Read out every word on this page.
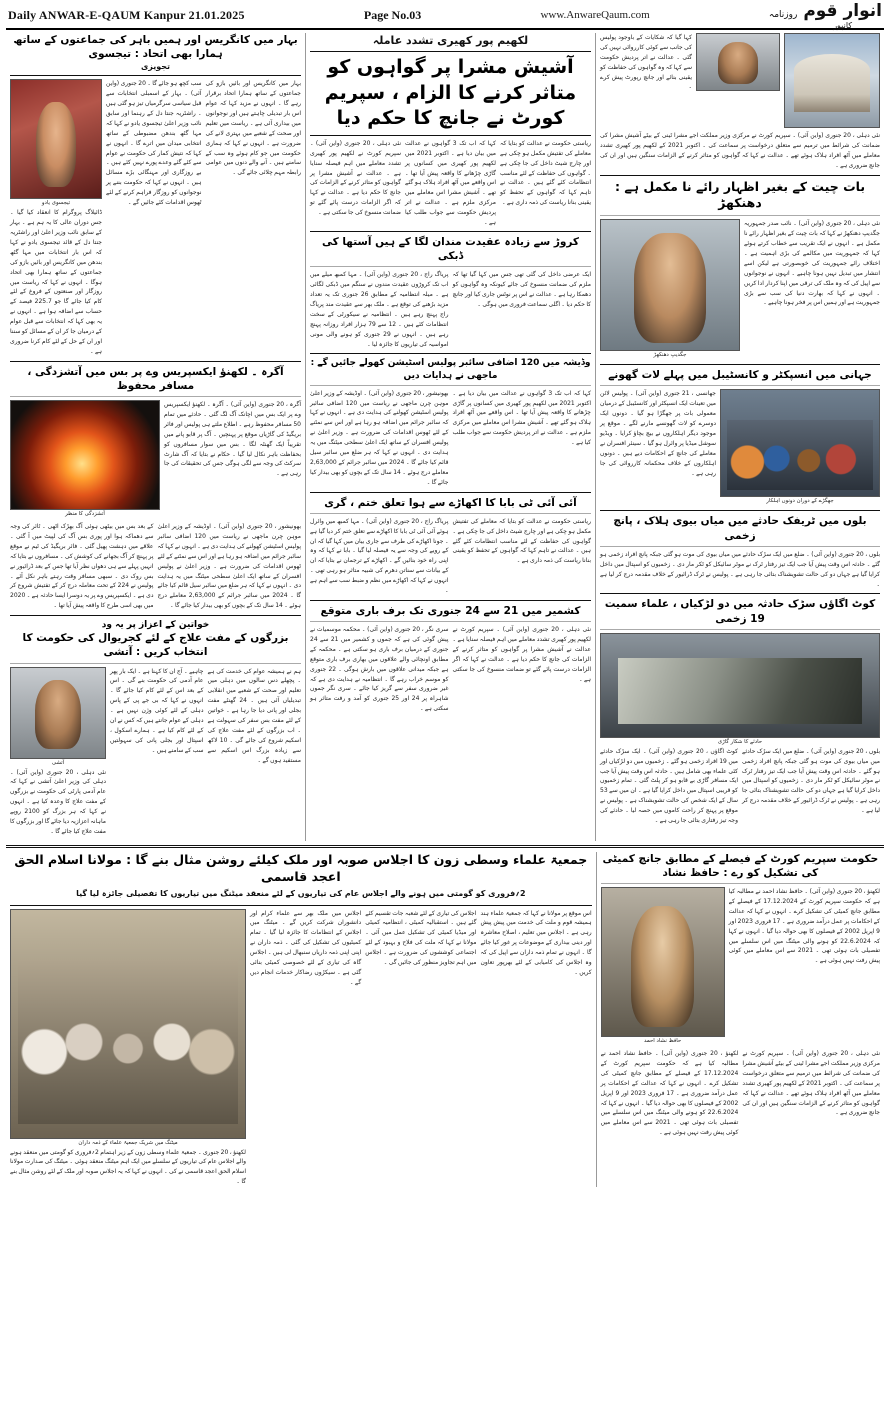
Daily ANWAR-E-QAUM Kanpur 21.01.2025	Page No.03	www.AnwareQaum.com	روزنامہ انوار قوم
کانپور
بہار میں کانگریس اور ہمیں باہر کی جماعتوں کے ساتھ ہمارا بھی اتحاد : تیجسوی
تجویزی
تیجسوی یادو
ڈائیلاگ پروگرام کا انعقاد کیا گیا ۔ جس دوران عالی کا یہ ہم ہے ۔ بہار کے سابق نائب وزیر اعلیٰ اور راشٹریہ جنتا دل کے قائد تیجسوی یادو نے کہا کہ اس بار انتخابات میں مہا گٹھ بندھن میں کانگریس اور بائیں بازو کی جماعتوں کے ساتھ ہمارا بھی اتحاد ہوگا ۔ انہوں نے کہا کہ ریاست میں روزگار اور صنعتوں کے فروغ کے لئے کام کیا جائے گا جو 225.7 فیصد کے حساب سے اضافہ ہوا ہے ۔ انہوں نے یہ بھی کہا کہ انتخابات سے قبل عوام کے درمیان جا کر ان کے مسائل کو سننا اور ان کے حل کے لئے کام کرنا ضروری ہے ۔
سب کچھ ہو جائے گا ۔ 20 جنوری (واین آئی) ۔ بہار کے اسمبلی انتخابات سے قبل سیاسی سرگرمیاں تیز ہو گئی ہیں ۔ راشٹریہ جنتا دل کے رہنما اور سابق نائب وزیر اعلیٰ تیجسوی یادو نے کہا کہ مہا گٹھ بندھن مضبوطی کے ساتھ انتخابی میدان میں اترے گا ۔ انہوں نے کہا کہ نتیش کمار کی حکومت نے عوام سے کئے گئے وعدے پورے نہیں کئے ہیں ۔ بے روزگاری اور مہنگائی بڑے مسائل ہیں ۔ انہوں نے کہا کہ حکومت بننے پر نوجوانوں کو روزگار فراہم کرنے کے لئے ٹھوس اقدامات کئے جائیں گے ۔
بہار میں کانگریس اور بائیں بازو کی جماعتوں کے ساتھ ہمارا اتحاد برقرار رہے گا ۔ انہوں نے مزید کہا کہ عوام اس بار تبدیلی چاہتے ہیں اور نوجوانوں میں بیداری آئی ہے ۔ ریاست میں تعلیم اور صحت کے شعبے میں بہتری لانے کی ضرورت ہے ۔ انہوں نے کہا کہ ہماری حکومت میں جو کام ہوئے وہ سب کے سامنے ہیں ۔ آنے والے دنوں میں عوامی رابطہ مہم چلائی جائے گی ۔
آگرہ ۔ لکھنؤ ایکسپریس وے پر بس میں آتشزدگی ، مسافر محفوظ
آتشزدگی کا منظر
آگرہ ، 20 جنوری (واین آئی) ۔ آگرہ ۔ لکھنؤ ایکسپریس وے پر ایک بس میں اچانک آگ لگ گئی ۔ حادثے میں تمام 50 مسافر محفوظ رہے ۔ اطلاع ملتے ہی پولیس اور فائر بریگیڈ کی گاڑیاں موقع پر پہنچیں ۔ آگ پر قابو پانے میں تقریباً ایک گھنٹہ لگا ۔ بس میں سوار مسافروں کو بحفاظت باہر نکال لیا گیا ۔ حکام نے بتایا کہ آگ شارٹ سرکٹ کی وجہ سے لگی ہوگی جس کی تحقیقات کی جا رہی ہے ۔
کے بعد بس میں بیٹھی ہوئی آگ بھڑک اٹھی ۔ ٹائر کی وجہ سے دھماکہ ہوا اور پوری بس آگ کی لپیٹ میں آ گئی ۔ علاقے میں دہشت پھیل گئی ۔ فائر بریگیڈ کی ٹیم نے موقع پر پہنچ کر آگ بجھانے کی کوشش کی ۔ مسافروں نے بتایا کہ انہیں پہلے سے ہی دھواں نظر آیا تھا جس کے بعد ڈرائیور نے بس روک دی ۔ سبھی مسافر وقت رہتے باہر نکل آئے ۔ پولیس نے 224 کے تحت معاملہ درج کر کے تفتیش شروع کر دی ہے ۔ ایکسپریس وے پر یہ دوسرا ایسا حادثہ ہے ۔ 2020 میں بھی اسی طرح کا واقعہ پیش آیا تھا ۔
بھونیشور ، 20 جنوری (واین آئی) ۔ اوڈیشہ کے وزیر اعلیٰ موہن چرن ماجھی نے ریاست میں 120 اضافی سائبر پولیس اسٹیشن کھولنے کی ہدایت دی ہے ۔ انہوں نے کہا کہ سائبر جرائم میں اضافہ ہو رہا ہے اور اس سے نمٹنے کے لئے ٹھوس اقدامات کی ضرورت ہے ۔ وزیر اعلیٰ نے پولیس افسران کے ساتھ ایک اعلیٰ سطحی میٹنگ میں یہ ہدایت دی ۔ انہوں نے کہا کہ ہر ضلع میں سائبر سیل قائم کیا جائے گا ۔ 2024 میں سائبر جرائم کے 2,63,000 معاملے درج ہوئے ۔ 14 سال تک کے بچوں کو بھی بیدار کیا جائے گا ۔
خواتین کے اعزاز پر یہ ود
بزرگوں کے مفت علاج کے لئے کجریوال کی حکومت کا انتخاب کریں : آتشی
آتشی
نئی دہلی ، 20 جنوری (واین آئی) ۔ دہلی کی وزیر اعلیٰ آتشی نے کہا کہ عام آدمی پارٹی کی حکومت نے بزرگوں کے مفت علاج کا وعدہ کیا ہے ۔ انہوں نے کہا کہ ہر بزرگ کو 2100 روپے ماہانہ اعزازیہ دیا جائے گا اور بزرگوں کا مفت علاج کیا جائے گا ۔
چاہیے ۔ آج ان کا کہنا ہے ۔ ایک بار پھر عام آدمی کی حکومت بنے گی ۔ اس کے بعد اس کے لئے کام کیا جائے گا ۔ انہوں نے کہا کہ بی جے پی کے پاس دہلی کے لئے کوئی وژن نہیں ہے ۔ دہلی کے عوام جانتے ہیں کہ کس نے ان کے لئے کام کیا ہے ۔ ہمارے اسکول ، اسپتال اور بجلی پانی کی سہولتیں سب کے سامنے ہیں ۔
ہم نے ہمیشہ عوام کی خدمت کی ہے ۔ پچھلے دس سالوں میں دہلی میں تعلیم اور صحت کے شعبے میں انقلابی تبدیلیاں آئی ہیں ۔ 24 گھنٹے مفت بجلی اور پانی دیا جا رہا ہے ۔ خواتین کے لئے مفت بس سفر کی سہولت ہے ۔ اب بزرگوں کے لئے مفت علاج کی اسکیم شروع کی جائے گی ۔ 10 لاکھ سے زیادہ بزرگ اس اسکیم سے مستفید ہوں گے ۔
لکھیم پور کھیری تشدد عاملہ
آشیش مشرا پر گواہوں کو متاثر کرنے کا الزام ، سپریم کورٹ نے جانچ کا حکم دیا
نئی دہلی ، 20 جنوری (واین آئی) ۔ سپریم کورٹ نے لکھیم پور کھیری تشدد معاملے میں اہم فیصلہ سنایا ہے ۔ عدالت نے آشیش مشرا پر گواہوں کو متاثر کرنے کے الزامات کی جانچ کا حکم دیا ہے ۔ عدالت نے کہا کہ اگر الزامات درست پائے گئے تو ضمانت منسوخ کی جا سکتی ہے ۔
کہا کہ اب تک 3 گواہوں نے عدالت میں بیان دیا ہے ۔ اکتوبر 2021 میں لکھیم پور کھیری میں کسانوں پر گاڑی چڑھانے کا واقعہ پیش آیا تھا ۔ اس واقعے میں آٹھ افراد ہلاک ہو گئے تھے ۔ آشیش مشرا اس معاملے میں مرکزی ملزم ہے ۔ عدالت نے اتر پردیش حکومت سے جواب طلب کیا ہے ۔
ریاستی حکومت نے عدالت کو بتایا کہ معاملے کی تفتیش مکمل ہو چکی ہے اور چارج شیٹ داخل کی جا چکی ہے ۔ گواہوں کی حفاظت کے لئے مناسب انتظامات کئے گئے ہیں ۔ عدالت نے تاہم کہا کہ گواہوں کے تحفظ کو یقینی بنانا ریاست کی ذمہ داری ہے ۔
کروڑ سے زیادہ عقیدت مندان لگا کے ہیں آستھا کی ڈبکی
پریاگ راج ، 20 جنوری (واین آئی) ۔ مہا کمبھ میلے میں اب تک کروڑوں عقیدت مندوں نے سنگم میں ڈبکی لگائی ہے ۔ میلہ انتظامیہ کے مطابق 26 جنوری تک یہ تعداد مزید بڑھنے کی توقع ہے ۔ ملک بھر سے عقیدت مند پریاگ راج پہنچ رہے ہیں ۔ انتظامیہ نے سیکورٹی کے سخت انتظامات کئے ہیں ۔ 12 سے 79 ہزار افراد روزانہ پہنچ رہے ہیں ۔ انہوں نے 29 جنوری کو ہونے والی مونی امواسیہ کی تیاریوں کا جائزہ لیا ۔
ایک عرضی داخل کی گئی تھی جس میں کہا گیا تھا کہ ملزم کی ضمانت منسوخ کی جائے کیونکہ وہ گواہوں کو دھمکا رہا ہے ۔ عدالت نے اس پر نوٹس جاری کیا اور جانچ کا حکم دیا ۔ اگلی سماعت فروری میں ہوگی ۔
وڈیشہ میں 120 اضافی سائبر پولیس اسٹیشن کھولے جائیں گے : ماجھی نے ہدایات دیں
بھونیشور ، 20 جنوری (واین آئی) ۔ اوڈیشہ کے وزیر اعلیٰ موہن چرن ماجھی نے ریاست میں 120 اضافی سائبر پولیس اسٹیشن کھولنے کی ہدایت دی ہے ۔ انہوں نے کہا کہ سائبر جرائم میں اضافہ ہو رہا ہے اور اس سے نمٹنے کے لئے ٹھوس اقدامات کی ضرورت ہے ۔ وزیر اعلیٰ نے پولیس افسران کے ساتھ ایک اعلیٰ سطحی میٹنگ میں یہ ہدایت دی ۔ انہوں نے کہا کہ ہر ضلع میں سائبر سیل قائم کیا جائے گا ۔ 2024 میں سائبر جرائم کے 2,63,000 معاملے درج ہوئے ۔ 14 سال تک کے بچوں کو بھی بیدار کیا جائے گا ۔
کہا کہ اب تک 3 گواہوں نے عدالت میں بیان دیا ہے ۔ اکتوبر 2021 میں لکھیم پور کھیری میں کسانوں پر گاڑی چڑھانے کا واقعہ پیش آیا تھا ۔ اس واقعے میں آٹھ افراد ہلاک ہو گئے تھے ۔ آشیش مشرا اس معاملے میں مرکزی ملزم ہے ۔ عدالت نے اتر پردیش حکومت سے جواب طلب کیا ہے ۔
آئی آئی ٹی بابا کا اکھاڑے سے ہوا تعلق ختم ، گری
پریاگ راج ، 20 جنوری (واین آئی) ۔ مہا کمبھ میں وائرل ہوئے آئی آئی ٹی بابا کا اکھاڑے سے تعلق ختم کر دیا گیا ہے ۔ جونا اکھاڑے کی طرف سے جاری بیان میں کہا گیا کہ ان کے رویے کی وجہ سے یہ فیصلہ لیا گیا ۔ بابا نے کہا کہ وہ اپنی راہ خود بنائیں گے ۔ اکھاڑے کے ترجمان نے بتایا کہ ان کے بیانات سے سناتن دھرم کی شبیہ متاثر ہو رہی تھی ۔ انہوں نے کہا کہ اکھاڑے میں نظم و ضبط سب سے اہم ہے ۔
ریاستی حکومت نے عدالت کو بتایا کہ معاملے کی تفتیش مکمل ہو چکی ہے اور چارج شیٹ داخل کی جا چکی ہے ۔ گواہوں کی حفاظت کے لئے مناسب انتظامات کئے گئے ہیں ۔ عدالت نے تاہم کہا کہ گواہوں کے تحفظ کو یقینی بنانا ریاست کی ذمہ داری ہے ۔
کشمیر میں 21 سے 24 جنوری تک برف باری متوقع
سری نگر ، 20 جنوری (واین آئی) ۔ محکمہ موسمیات نے پیش گوئی کی ہے کہ جموں و کشمیر میں 21 سے 24 جنوری کے درمیان برف باری ہو سکتی ہے ۔ محکمہ کے مطابق اونچائی والے علاقوں میں بھاری برف باری متوقع ہے جبکہ میدانی علاقوں میں بارش ہوگی ۔ 22 جنوری کو موسم خراب رہے گا ۔ انتظامیہ نے ہدایت دی ہے کہ غیر ضروری سفر سے گریز کیا جائے ۔ سری نگر جموں شاہراہ پر 24 اور 25 جنوری کو آمد و رفت متاثر ہو سکتی ہے ۔
نئی دہلی ، 20 جنوری (واین آئی) ۔ سپریم کورٹ نے لکھیم پور کھیری تشدد معاملے میں اہم فیصلہ سنایا ہے ۔ عدالت نے آشیش مشرا پر گواہوں کو متاثر کرنے کے الزامات کی جانچ کا حکم دیا ہے ۔ عدالت نے کہا کہ اگر الزامات درست پائے گئے تو ضمانت منسوخ کی جا سکتی ہے ۔
کہا گیا کہ شکایات کے باوجود پولیس کی جانب سے کوئی کارروائی نہیں کی گئی ۔ عدالت نے اتر پردیش حکومت سے کہا کہ وہ گواہوں کی حفاظت کو یقینی بنائے اور جانچ رپورٹ پیش کرے ۔
نئی دہلی ، 20 جنوری (واین آئی) ۔ سپریم کورٹ نے مرکزی وزیر مملکت اجے مشرا ٹینی کے بیٹے آشیش مشرا کی ضمانت کی شرائط میں ترمیم سے متعلق درخواست پر سماعت کی ۔ اکتوبر 2021 کے لکھیم پور کھیری تشدد معاملے میں آٹھ افراد ہلاک ہوئے تھے ۔ عدالت نے کہا کہ گواہوں کو متاثر کرنے کے الزامات سنگین ہیں اور ان کی جانچ ضروری ہے ۔
بات چیت کے بغیر اظہار رائے نا مکمل ہے : دھنکھڑ
جگدیپ دھنکھڑ
نئی دہلی ، 20 جنوری (واین آئی) ۔ نائب صدر جمہوریہ جگدیپ دھنکھڑ نے کہا کہ بات چیت کے بغیر اظہار رائے نا مکمل ہے ۔ انہوں نے ایک تقریب سے خطاب کرتے ہوئے کہا کہ جمہوریت میں مکالمے کی بڑی اہمیت ہے ۔ اختلاف رائے جمہوریت کی خوبصورتی ہے لیکن اسے انتشار میں تبدیل نہیں ہونا چاہیے ۔ انہوں نے نوجوانوں سے اپیل کی کہ وہ ملک کی ترقی میں اپنا کردار ادا کریں ۔ انہوں نے کہا کہ بھارت دنیا کی سب سے بڑی جمہوریت ہے اور ہمیں اس پر فخر ہونا چاہیے ۔
جہانی میں انسپکٹر و کانسٹیبل میں پہلے لات گھونے
جھانسی ، 21 جنوری (واین آئی) ۔ پولیس لائن میں تعینات ایک انسپکٹر اور کانسٹیبل کے درمیان معمولی بات پر جھگڑا ہو گیا ۔ دونوں ایک دوسرے کو لات گھونسے مارنے لگے ۔ موقع پر موجود دیگر اہلکاروں نے بیچ بچاؤ کرایا ۔ ویڈیو سوشل میڈیا پر وائرل ہو گیا ۔ سینئر افسران نے معاملے کی جانچ کے احکامات دیے ہیں ۔ دونوں اہلکاروں کے خلاف محکمانہ کارروائی کی جا رہی ہے ۔
جھگڑے کے دوران دونوں اہلکار
بلوں میں ٹریفک حادثے میں میاں بیوی ہلاک ، پانچ زخمی
بلوں ، 20 جنوری (واین آئی) ۔ ضلع میں ایک سڑک حادثے میں میاں بیوی کی موت ہو گئی جبکہ پانچ افراد زخمی ہو گئے ۔ حادثہ اس وقت پیش آیا جب ایک تیز رفتار ٹرک نے موٹر سائیکل کو ٹکر مار دی ۔ زخمیوں کو اسپتال میں داخل کرایا گیا ہے جہاں دو کی حالت تشویشناک بتائی جا رہی ہے ۔ پولیس نے ٹرک ڈرائیور کے خلاف مقدمہ درج کر لیا ہے ۔
کوٹ اگاؤں سڑک حادثہ میں دو لڑکیاں ، علماء سمیت 19 زخمی
حادثے کا شکار گاڑی
کوٹ اگاؤں ، 20 جنوری (واین آئی) ۔ ایک سڑک حادثے میں 19 افراد زخمی ہو گئے ۔ زخمیوں میں دو لڑکیاں اور کئی علماء بھی شامل ہیں ۔ حادثہ اس وقت پیش آیا جب ایک مسافر گاڑی بے قابو ہو کر پلٹ گئی ۔ تمام زخمیوں کو قریبی اسپتال میں داخل کرایا گیا ہے ۔ ان میں سے 53 سال کے ایک شخص کی حالت تشویشناک ہے ۔ پولیس نے موقع پر پہنچ کر راحت کاموں میں حصہ لیا ۔ حادثے کی وجہ تیز رفتاری بتائی جا رہی ہے ۔
بلوں ، 20 جنوری (واین آئی) ۔ ضلع میں ایک سڑک حادثے میں میاں بیوی کی موت ہو گئی جبکہ پانچ افراد زخمی ہو گئے ۔ حادثہ اس وقت پیش آیا جب ایک تیز رفتار ٹرک نے موٹر سائیکل کو ٹکر مار دی ۔ زخمیوں کو اسپتال میں داخل کرایا گیا ہے جہاں دو کی حالت تشویشناک بتائی جا رہی ہے ۔ پولیس نے ٹرک ڈرائیور کے خلاف مقدمہ درج کر لیا ہے ۔
جمعیۃ علماء وسطی زون کا اجلاس صوبہ اور ملک کیلئے روشن مثال بنے گا : مولانا اسلام الحق اعجد قاسمی
2؍فروری کو گومتی میں ہونے والے اجلاس عام کی تیاریوں کے لئے منعقد میٹنگ میں تیاریوں کا تفصیلی جائزہ لیا گیا
میٹنگ میں شریک جمعیۃ علماء کے ذمہ داران
لکھنؤ ، 20 جنوری ۔ جمعیۃ علماء وسطی زون کے زیر اہتمام 2؍فروری کو گومتی میں منعقد ہونے والے اجلاس عام کی تیاریوں کے سلسلے میں ایک اہم میٹنگ منعقد ہوئی ۔ میٹنگ کی صدارت مولانا اسلام الحق اعجد قاسمی نے کی ۔ انہوں نے کہا کہ یہ اجلاس صوبہ اور ملک کے لئے روشن مثال بنے گا ۔
اجلاس میں ملک بھر سے علماء کرام اور دانشوران شرکت کریں گے ۔ میٹنگ میں اجلاس کے انتظامات کا جائزہ لیا گیا ۔ تمام کمیٹیوں کی تشکیل کی گئی ۔ ذمہ داران نے اپنی اپنی ذمہ داریاں سنبھال لی ہیں ۔ اجلاس گاہ کی تیاری کے لئے خصوصی کمیٹی بنائی گئی ہے ۔ سیکڑوں رضاکار خدمات انجام دیں گے ۔
اجلاس کی تیاری کے لئے شعبہ جات تقسیم کئے گئے ہیں ۔ استقبالیہ کمیٹی ، انتظامیہ کمیٹی اور میڈیا کمیٹی کی تشکیل عمل میں آئی ۔ مولانا نے کہا کہ ملت کی فلاح و بہبود کے لئے اجتماعی کوششوں کی ضرورت ہے ۔ اجلاس میں اہم تجاویز منظور کی جائیں گی ۔
اس موقع پر مولانا نے کہا کہ جمعیۃ علماء ہند ہمیشہ قوم و ملت کی خدمت میں پیش پیش رہی ہے ۔ اجلاس میں تعلیم ، اصلاح معاشرہ اور دینی بیداری کے موضوعات پر غور کیا جائے گا ۔ انہوں نے تمام ذمہ داران سے اپیل کی کہ وہ اجلاس کی کامیابی کے لئے بھرپور تعاون کریں ۔
حکومت سپریم کورٹ کے فیصلے کے مطابق جانچ کمیٹی کی تشکیل کو رے : حافظ نشاد
حافظ نشاد احمد
لکھنؤ ، 20 جنوری (واین آئی) ۔ حافظ نشاد احمد نے مطالبہ کیا ہے کہ حکومت سپریم کورٹ کے 17.12.2024 کے فیصلے کے مطابق جانچ کمیٹی کی تشکیل کرے ۔ انہوں نے کہا کہ عدالت کے احکامات پر عمل درآمد ضروری ہے ۔ 17 فروری 2023 اور 9 اپریل 2002 کے فیصلوں کا بھی حوالہ دیا گیا ۔ انہوں نے کہا کہ 22.6.2024 کو ہونے والی میٹنگ میں اس سلسلے میں تفصیلی بات ہوئی تھی ۔ 2021 سے اس معاملے میں کوئی پیش رفت نہیں ہوئی ہے ۔
لکھنؤ ، 20 جنوری (واین آئی) ۔ حافظ نشاد احمد نے مطالبہ کیا ہے کہ حکومت سپریم کورٹ کے 17.12.2024 کے فیصلے کے مطابق جانچ کمیٹی کی تشکیل کرے ۔ انہوں نے کہا کہ عدالت کے احکامات پر عمل درآمد ضروری ہے ۔ 17 فروری 2023 اور 9 اپریل 2002 کے فیصلوں کا بھی حوالہ دیا گیا ۔ انہوں نے کہا کہ 22.6.2024 کو ہونے والی میٹنگ میں اس سلسلے میں تفصیلی بات ہوئی تھی ۔ 2021 سے اس معاملے میں کوئی پیش رفت نہیں ہوئی ہے ۔
نئی دہلی ، 20 جنوری (واین آئی) ۔ سپریم کورٹ نے مرکزی وزیر مملکت اجے مشرا ٹینی کے بیٹے آشیش مشرا کی ضمانت کی شرائط میں ترمیم سے متعلق درخواست پر سماعت کی ۔ اکتوبر 2021 کے لکھیم پور کھیری تشدد معاملے میں آٹھ افراد ہلاک ہوئے تھے ۔ عدالت نے کہا کہ گواہوں کو متاثر کرنے کے الزامات سنگین ہیں اور ان کی جانچ ضروری ہے ۔
